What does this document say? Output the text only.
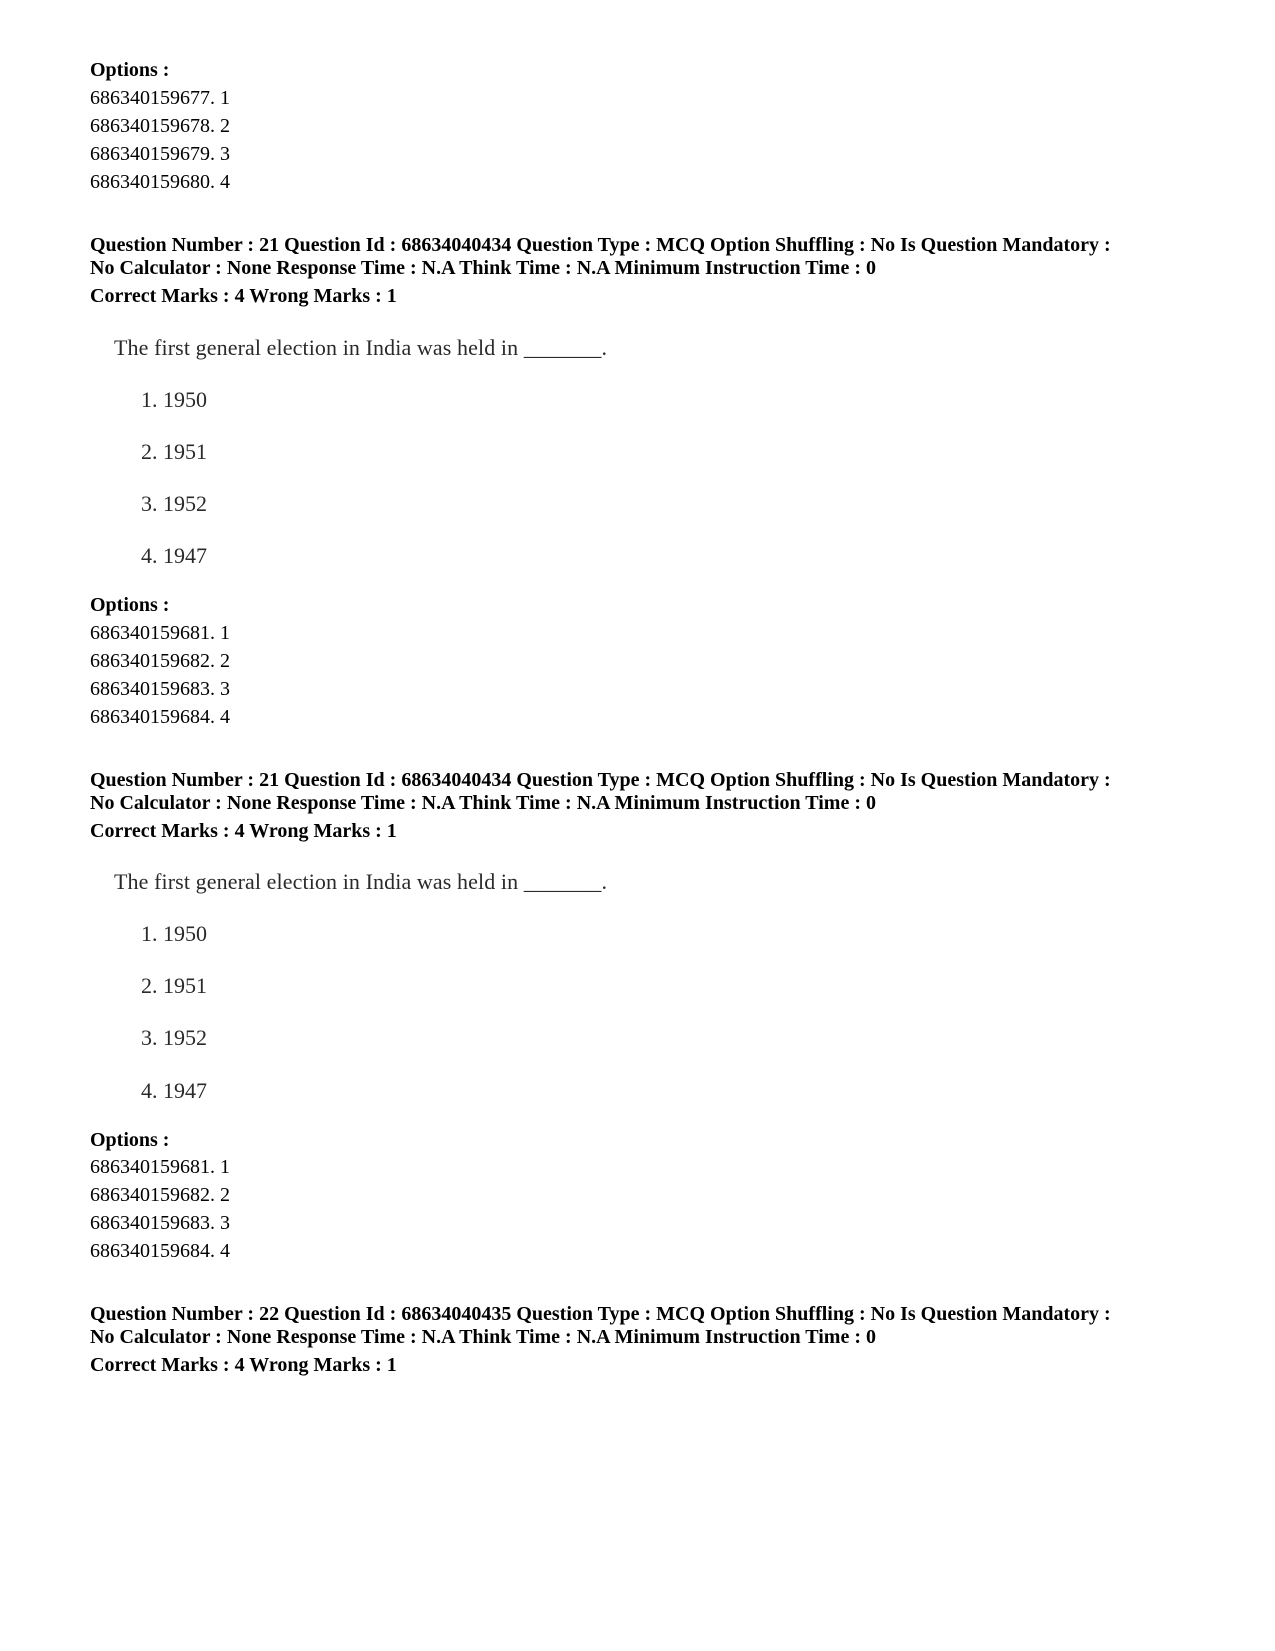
Options :
686340159677. 1
686340159678. 2
686340159679. 3
686340159680. 4
Question Number : 21 Question Id : 68634040434 Question Type : MCQ Option Shuffling : No Is Question Mandatory :
No Calculator : None Response Time : N.A Think Time : N.A Minimum Instruction Time : 0
Correct Marks : 4 Wrong Marks : 1
The first general election in India was held in _______.
1. 1950
2. 1951
3. 1952
4. 1947
Options :
686340159681. 1
686340159682. 2
686340159683. 3
686340159684. 4
Question Number : 21 Question Id : 68634040434 Question Type : MCQ Option Shuffling : No Is Question Mandatory :
No Calculator : None Response Time : N.A Think Time : N.A Minimum Instruction Time : 0
Correct Marks : 4 Wrong Marks : 1
The first general election in India was held in _______.
1. 1950
2. 1951
3. 1952
4. 1947
Options :
686340159681. 1
686340159682. 2
686340159683. 3
686340159684. 4
Question Number : 22 Question Id : 68634040435 Question Type : MCQ Option Shuffling : No Is Question Mandatory :
No Calculator : None Response Time : N.A Think Time : N.A Minimum Instruction Time : 0
Correct Marks : 4 Wrong Marks : 1
